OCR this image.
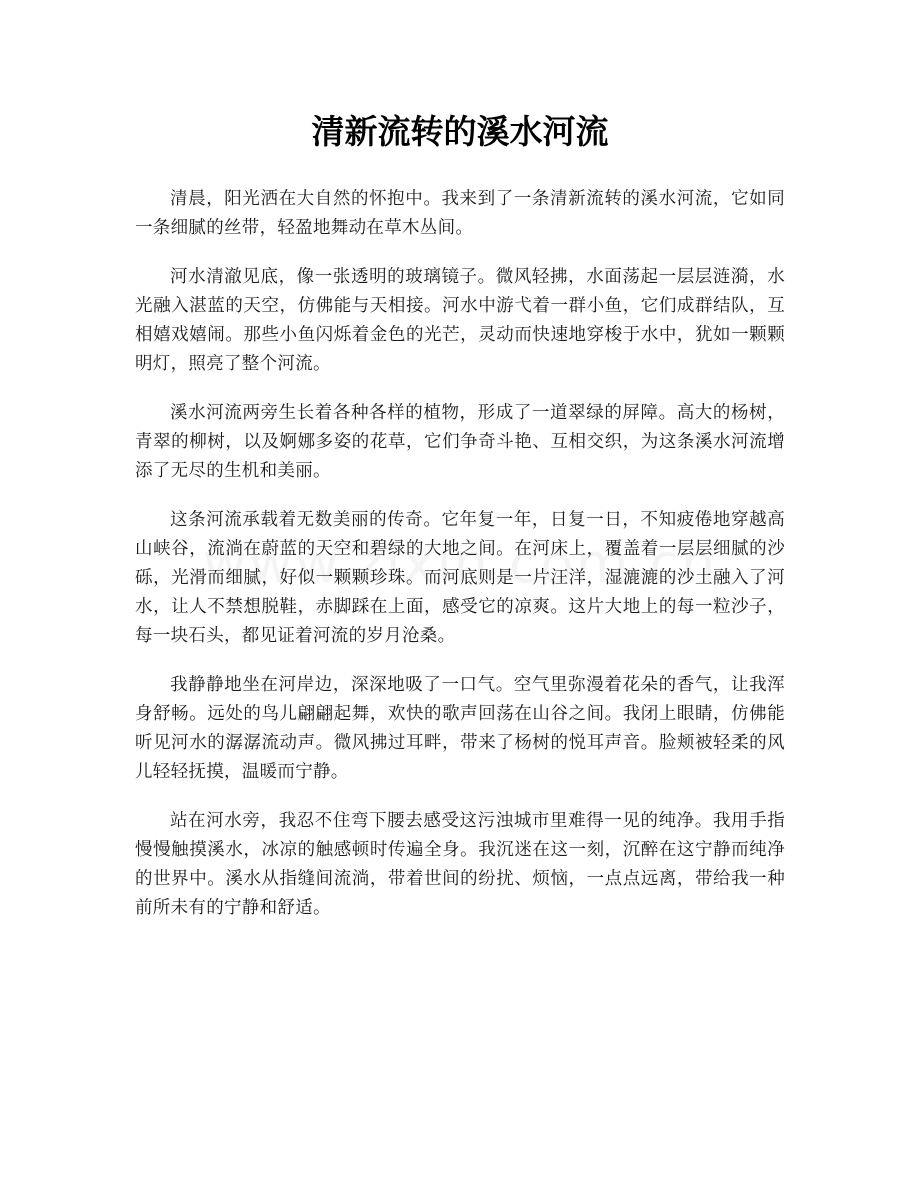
清新流转的溪水河流

清晨，阳光洒在大自然的怀抱中。我来到了一条清新流转的溪水河流，它如同一条细腻的丝带，轻盈地舞动在草木丛间。

河水清澈见底，像一张透明的玻璃镜子。微风轻拂，水面荡起一层层涟漪，水光融入湛蓝的天空，仿佛能与天相接。河水中游弋着一群小鱼，它们成群结队，互相嬉戏嬉闹。那些小鱼闪烁着金色的光芒，灵动而快速地穿梭于水中，犹如一颗颗明灯，照亮了整个河流。

溪水河流两旁生长着各种各样的植物，形成了一道翠绿的屏障。高大的杨树，青翠的柳树，以及婀娜多姿的花草，它们争奇斗艳、互相交织，为这条溪水河流增添了无尽的生机和美丽。

这条河流承载着无数美丽的传奇。它年复一年，日复一日，不知疲倦地穿越高山峡谷，流淌在蔚蓝的天空和碧绿的大地之间。在河床上，覆盖着一层层细腻的沙砾，光滑而细腻，好似一颗颗珍珠。而河底则是一片汪洋，湿漉漉的沙土融入了河水，让人不禁想脱鞋，赤脚踩在上面，感受它的凉爽。这片大地上的每一粒沙子，每一块石头，都见证着河流的岁月沧桑。

我静静地坐在河岸边，深深地吸了一口气。空气里弥漫着花朵的香气，让我浑身舒畅。远处的鸟儿翩翩起舞，欢快的歌声回荡在山谷之间。我闭上眼睛，仿佛能听见河水的潺潺流动声。微风拂过耳畔，带来了杨树的悦耳声音。脸颊被轻柔的风儿轻轻抚摸，温暖而宁静。

站在河水旁，我忍不住弯下腰去感受这污浊城市里难得一见的纯净。我用手指慢慢触摸溪水，冰凉的触感顿时传遍全身。我沉迷在这一刻，沉醉在这宁静而纯净的世界中。溪水从指缝间流淌，带着世间的纷扰、烦恼，一点点远离，带给我一种前所未有的宁静和舒适。
